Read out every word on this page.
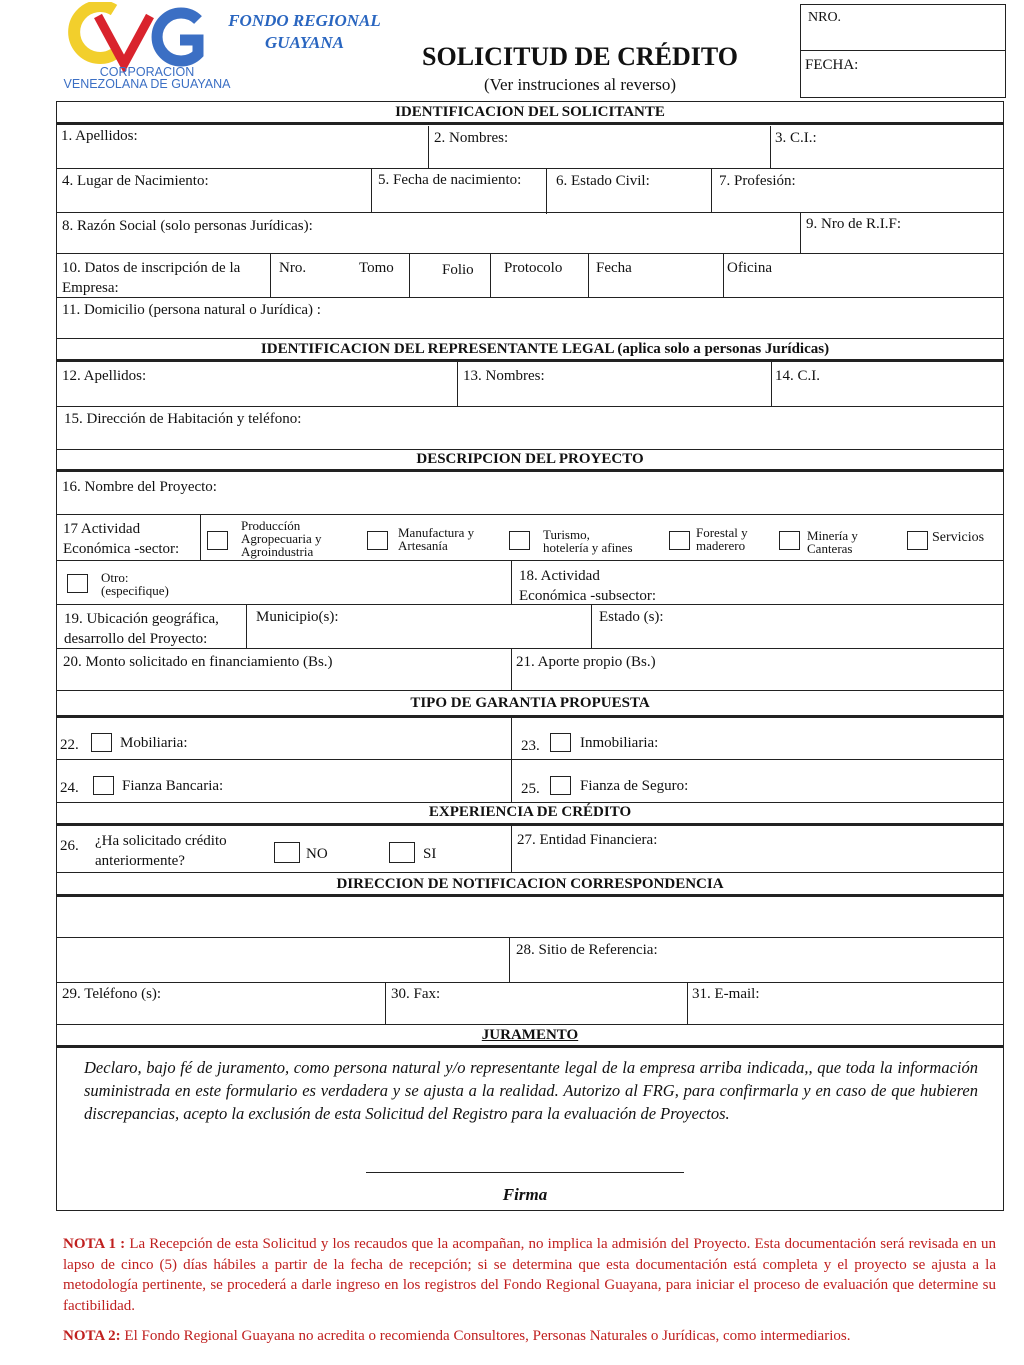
CORPORACION
VENEZOLANA DE GUAYANA
FONDO REGIONAL
GUAYANA	SOLICITUD DE CRÉDITO
(Ver instruciones al reverso)
NRO.
FECHA:
IDENTIFICACION DEL SOLICITANTE
1. Apellidos:	2. Nombres:	3. C.I.:
4. Lugar de Nacimiento:	5. Fecha de nacimiento: 6. Estado Civil:	7. Profesión:
8. Razón Social (solo personas Jurídicas):	9. Nro de R.I.F:
10. Datos de inscripción de la
Empresa:
Nro.	Tomo	Folio Protocolo Fecha	Oficina
11. Domicilio (persona natural o Jurídica) :
IDENTIFICACION DEL REPRESENTANTE LEGAL (aplica solo a personas Jurídicas)
12. Apellidos:	13. Nombres:	14. C.I.
15. Dirección de Habitación y teléfono:
DESCRIPCION DEL PROYECTO
16. Nombre del Proyecto:
17 Actividad
Económica -sector:
Produccíón
Agropecuaria y
Agroindustria
Manufactura y
Artesanía
Turismo,
hotelería y afines
Forestal y
maderero
Minería y
Canteras
Servicios
Otro:
(especifique)
18. Actividad
Económica -subsector:
19. Ubicación geográfica,
desarrollo del Proyecto:
Municipio(s):	Estado (s):
20. Monto solicitado en financiamiento (Bs.)	21. Aporte propio (Bs.)
TIPO DE GARANTIA PROPUESTA
22.	Mobiliaria:	23.	Inmobiliaria:
24.	Fianza Bancaria:	25.	Fianza de Seguro:
EXPERIENCIA DE CRÉDITO
26. ¿Ha solicitado crédito
anteriormente?	NO	SI
27. Entidad Financiera:
DIRECCION DE NOTIFICACION CORRESPONDENCIA
28. Sitio de Referencia:
29. Teléfono (s):	30. Fax:	31. E-mail:
JURAMENTO
Declaro, bajo fé de juramento, como persona natural y/o representante legal de la empresa arriba indicada,, que toda la información suministrada en este formulario es verdadera y se ajusta a la realidad. Autorizo al FRG, para confirmarla y en caso de que hubieren discrepancias, acepto la exclusión de esta Solicitud del Registro para la evaluación de Proyectos.
Firma
NOTA 1 : La Recepción de esta Solicitud y los recaudos que la acompañan, no implica la admisión del Proyecto. Esta documentación será revisada en un lapso de cinco (5) días hábiles a partir de la fecha de recepción; si se determina que esta documentación está completa y el proyecto se ajusta a la metodología pertinente, se procederá a darle ingreso en los registros del Fondo Regional Guayana, para iniciar el proceso de evaluación que determine su factibilidad.
NOTA 2: El Fondo Regional Guayana no acredita o recomienda Consultores, Personas Naturales o Jurídicas, como intermediarios.
